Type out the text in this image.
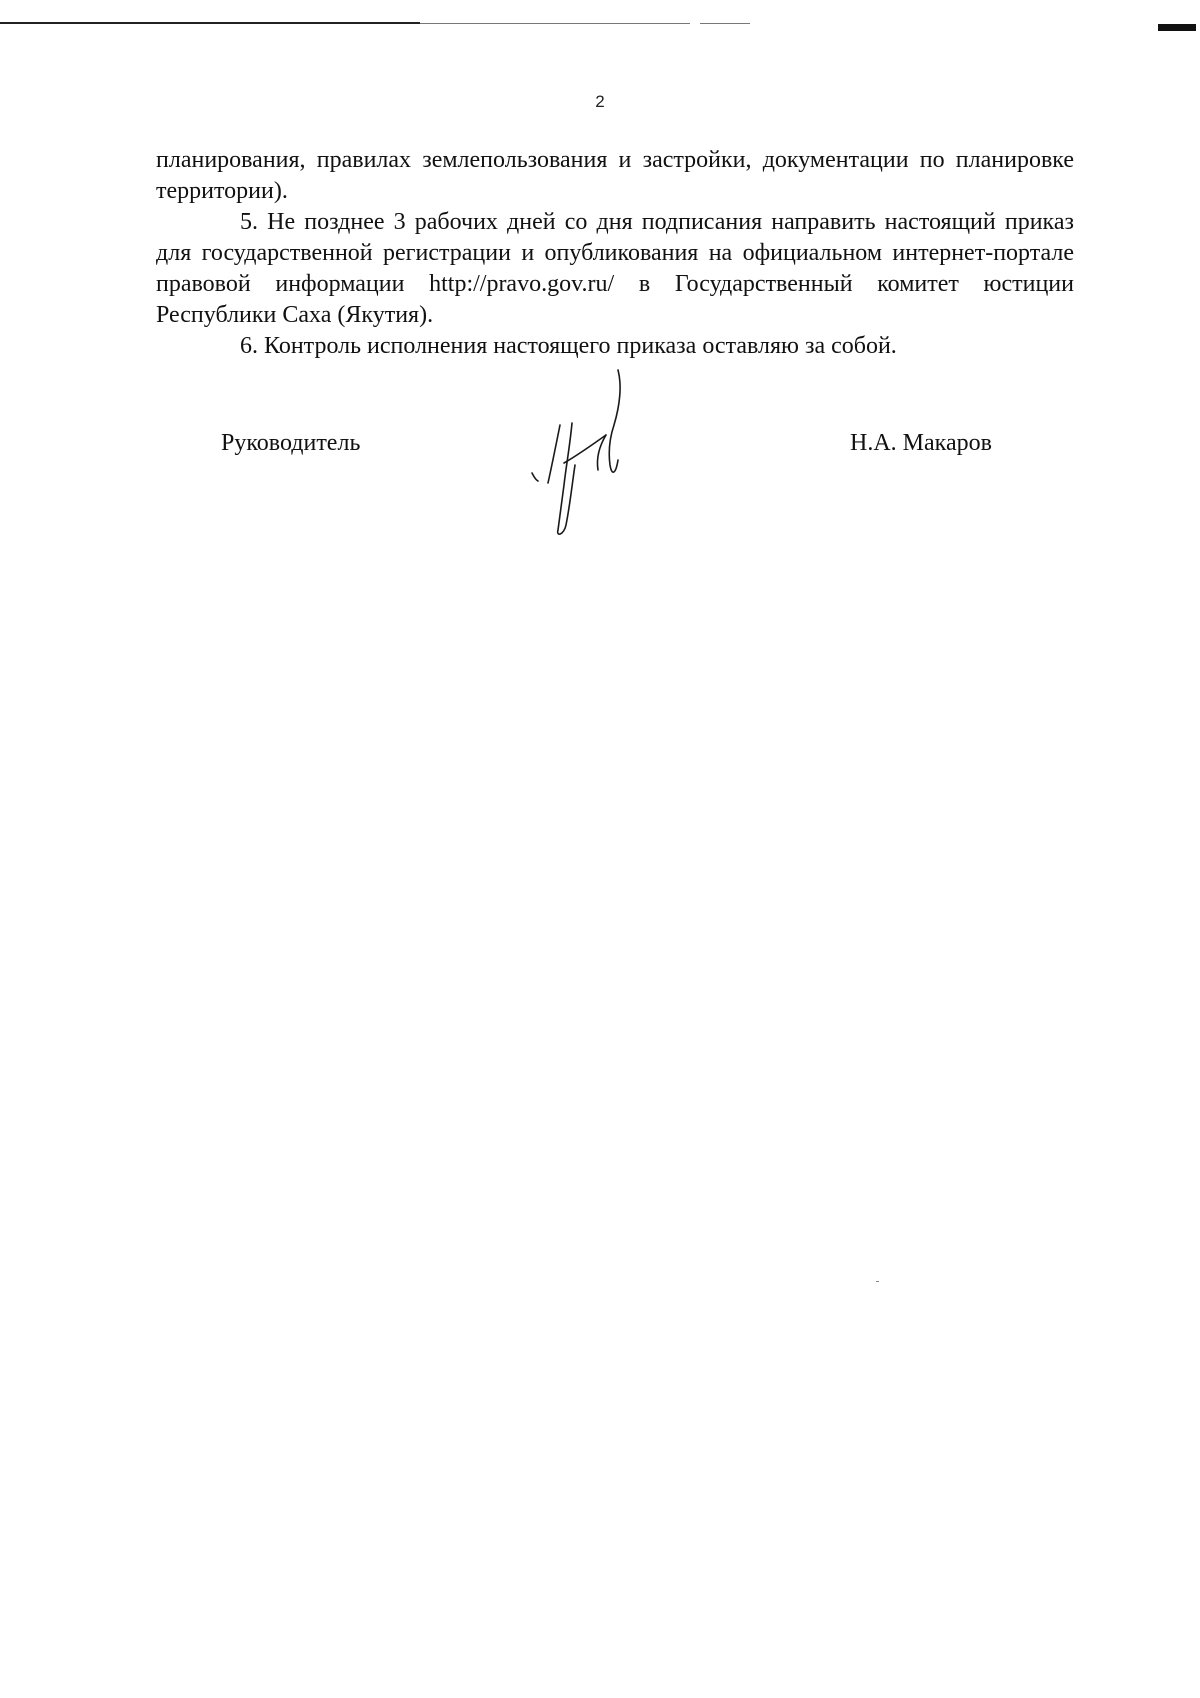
2

планирования, правилах землепользования и застройки, документации по планировке территории).

5. Не позднее 3 рабочих дней со дня подписания направить настоящий приказ для государственной регистрации и опубликования на официальном интернет-портале правовой информации http://pravo.gov.ru/ в Государственный комитет юстиции Республики Саха (Якутия).

6. Контроль исполнения настоящего приказа оставляю за собой.

Руководитель	Н.А. Макаров
